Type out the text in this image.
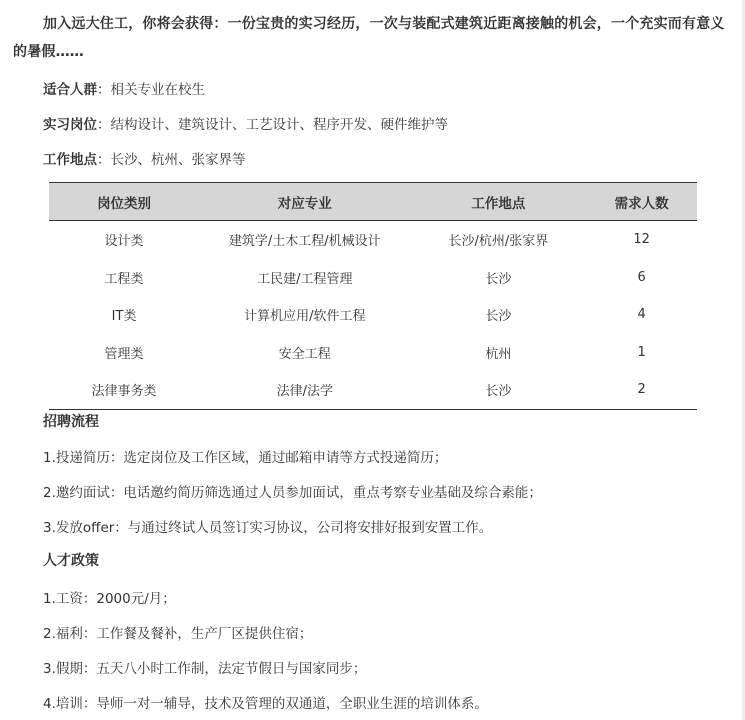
加入远大住工，你将会获得：一份宝贵的实习经历，一次与装配式建筑近距离接触的机会，一个充实而有意义的暑假……
适合人群：相关专业在校生
实习岗位：结构设计、建筑设计、工艺设计、程序开发、硬件维护等
工作地点：长沙、杭州、张家界等
岗位类别	对应专业	工作地点	需求人数
设计类	建筑学/土木工程/机械设计	长沙/杭州/张家界	12
工程类	工民建/工程管理	长沙	6
IT类	计算机应用/软件工程	长沙	4
管理类	安全工程	杭州	1
法律事务类	法律/法学	长沙	2
招聘流程
1.投递简历：选定岗位及工作区域，通过邮箱申请等方式投递简历；
2.邀约面试：电话邀约简历筛选通过人员参加面试，重点考察专业基础及综合素能；
3.发放offer：与通过终试人员签订实习协议，公司将安排好报到安置工作。
人才政策
1.工资：2000元/月；
2.福利：工作餐及餐补，生产厂区提供住宿；
3.假期：五天八小时工作制，法定节假日与国家同步；
4.培训：导师一对一辅导，技术及管理的双通道，全职业生涯的培训体系。
